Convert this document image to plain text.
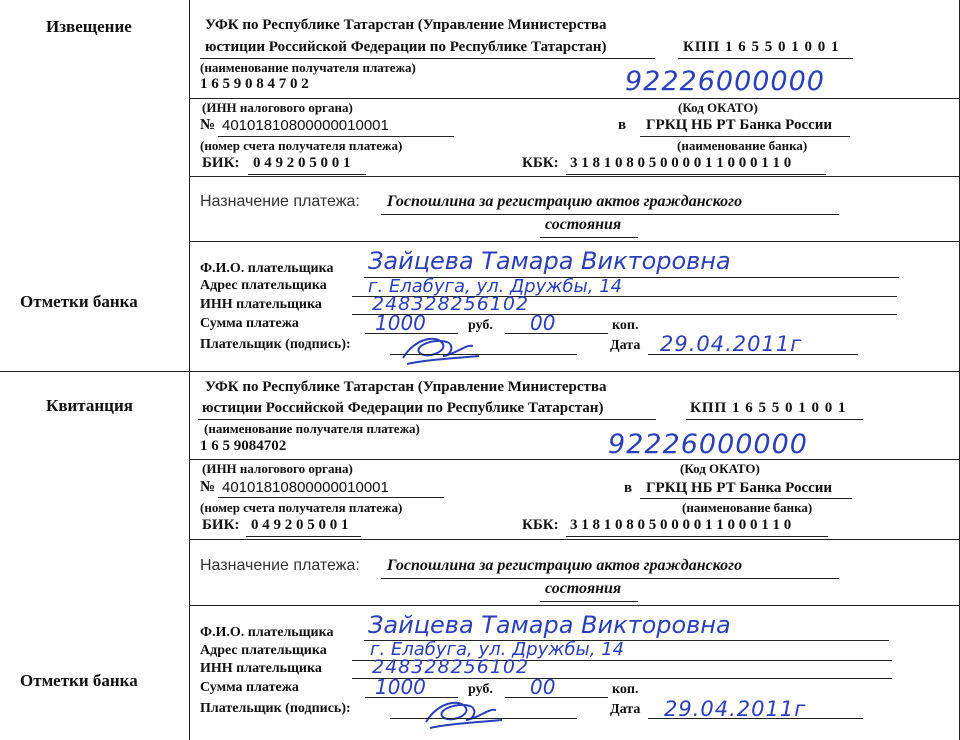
Извещение
Отметки банка
Квитанция
Отметки банка
УФК по Республике Татарстан (Управление Министерства
юстиции Российской Федерации по Республике Татарстан)	КПП 1 6 5 5 0 1 0 0 1
(наименование получателя платежа)
1 6 5 9 0 8 4 7 0 2	92226000000
(ИНН налогового органа)	(Код ОКАТО)
№ 40101810800000010001	в ГРКЦ НБ РТ Банка России
(номер счета получателя платежа)	(наименование банка)
БИК: 0 4 9 2 0 5 0 0 1	КБК: 3 1 8 1 0 8 0 5 0 0 0 0 1 1 0 0 0 1 1 0
Назначение платежа: Госпошлина за регистрацию актов гражданского
состояния
Ф.И.О. плательщика Зайцева Тамара Викторовна
Адрес плательщика г. Елабуга, ул. Дружбы, 14
ИНН плательщика	248328256102
Сумма платежа	1000	руб. 00	коп.
Плательщик (подпись):	Дата 29.04.2011г
УФК по Республике Татарстан (Управление Министерства
юстиции Российской Федерации по Республике Татарстан)	КПП 1 6 5 5 0 1 0 0 1
(наименование получателя платежа)
1 6 5 9084702	92226000000
(ИНН налогового органа)	(Код ОКАТО)
№ 40101810800000010001	в ГРКЦ НБ РТ Банка России
(номер счета получателя платежа)	(наименование банка)
БИК: 0 4 9 2 0 5 0 0 1	КБК: 3 1 8 1 0 8 0 5 0 0 0 0 1 1 0 0 0 1 1 0
Назначение платежа: Госпошлина за регистрацию актов гражданского
состояния
Ф.И.О. плательщика Зайцева Тамара Викторовна
Адрес плательщика г. Елабуга, ул. Дружбы, 14
ИНН плательщика	248328256102
Сумма платежа	1000	руб. 00	коп.
Плательщик (подпись):	Дата 29.04.2011г
